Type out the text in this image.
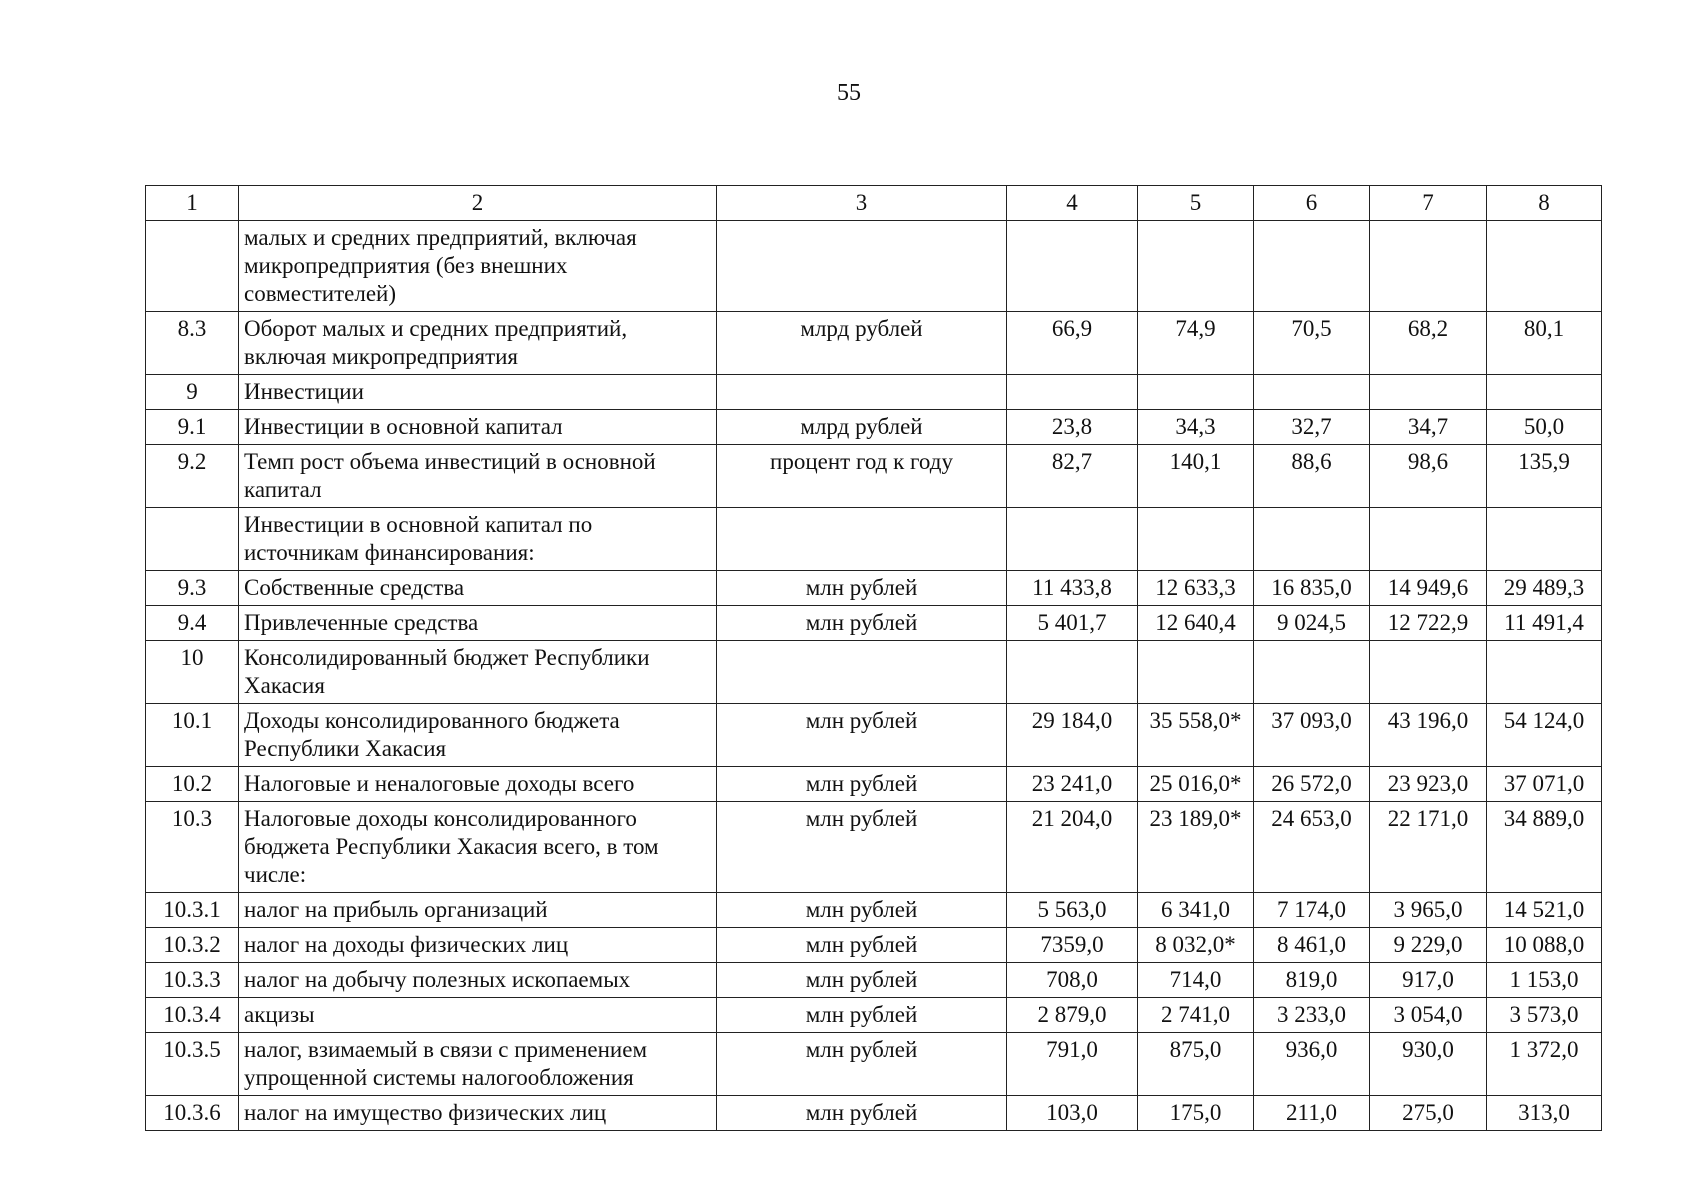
55
1	2	3	4	5	6	7	8
	малых и средних предприятий, включая микропредприятия (без внешних совместителей)						
8.3	Оборот малых и средних предприятий, включая микропредприятия	млрд рублей	66,9	74,9	70,5	68,2	80,1
9	Инвестиции						
9.1	Инвестиции в основной капитал	млрд рублей	23,8	34,3	32,7	34,7	50,0
9.2	Темп рост объема инвестиций в основной капитал	процент год к году	82,7	140,1	88,6	98,6	135,9
	Инвестиции в основной капитал по источникам финансирования:						
9.3	Собственные средства	млн рублей	11 433,8	12 633,3	16 835,0	14 949,6	29 489,3
9.4	Привлеченные средства	млн рублей	5 401,7	12 640,4	9 024,5	12 722,9	11 491,4
10	Консолидированный бюджет Республики Хакасия						
10.1	Доходы консолидированного бюджета Республики Хакасия	млн рублей	29 184,0	35 558,0*	37 093,0	43 196,0	54 124,0
10.2	Налоговые и неналоговые доходы всего	млн рублей	23 241,0	25 016,0*	26 572,0	23 923,0	37 071,0
10.3	Налоговые доходы консолидированного бюджета Республики Хакасия всего, в том числе:	млн рублей	21 204,0	23 189,0*	24 653,0	22 171,0	34 889,0
10.3.1	налог на прибыль организаций	млн рублей	5 563,0	6 341,0	7 174,0	3 965,0	14 521,0
10.3.2	налог на доходы физических лиц	млн рублей	7359,0	8 032,0*	8 461,0	9 229,0	10 088,0
10.3.3	налог на добычу полезных ископаемых	млн рублей	708,0	714,0	819,0	917,0	1 153,0
10.3.4	акцизы	млн рублей	2 879,0	2 741,0	3 233,0	3 054,0	3 573,0
10.3.5	налог, взимаемый в связи с применением упрощенной системы налогообложения	млн рублей	791,0	875,0	936,0	930,0	1 372,0
10.3.6	налог на имущество физических лиц	млн рублей	103,0	175,0	211,0	275,0	313,0
